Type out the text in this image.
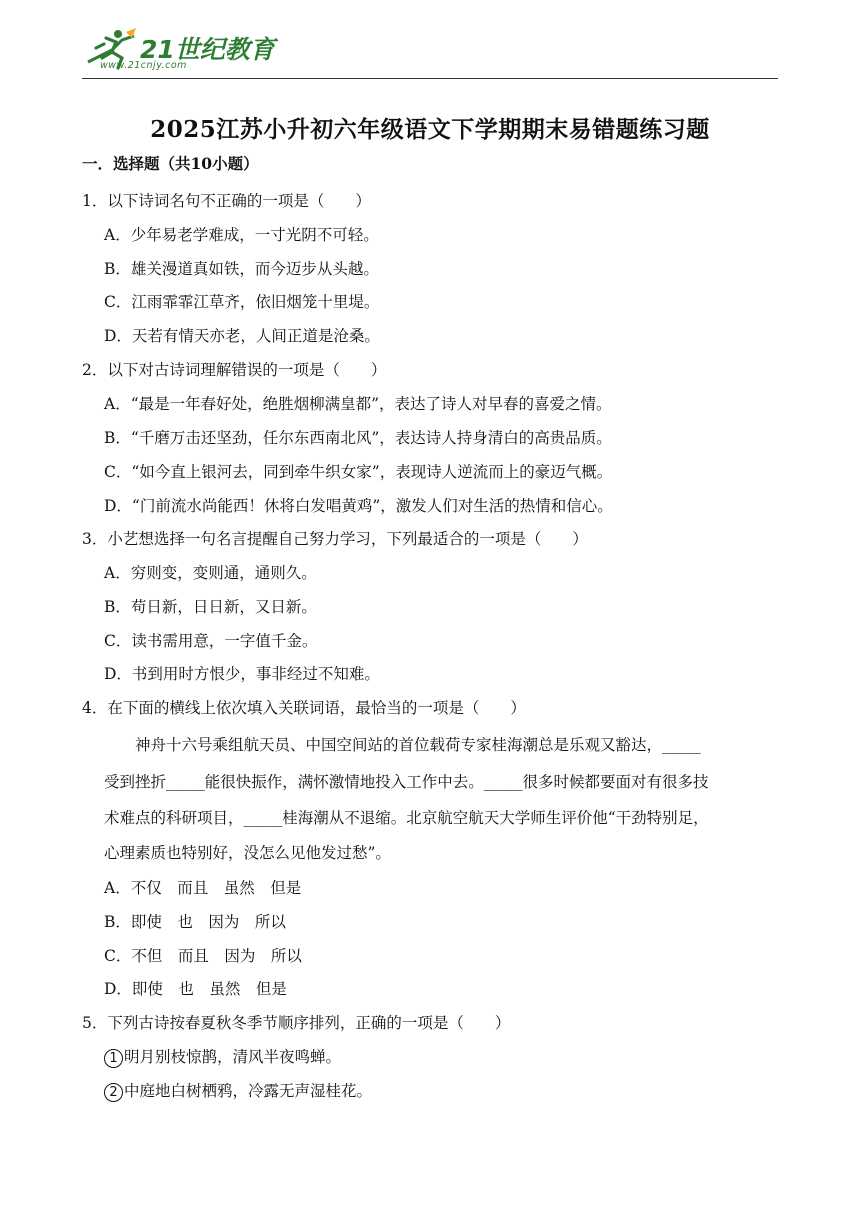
21世纪教育
www.21cnjy.com
2025江苏小升初六年级语文下学期期末易错题练习题
一．选择题（共10小题）
1．以下诗词名句不正确的一项是（　　）
A．少年易老学难成，一寸光阴不可轻。
B．雄关漫道真如铁，而今迈步从头越。
C．江雨霏霏江草齐，依旧烟笼十里堤。
D．天若有情天亦老，人间正道是沧桑。
2．以下对古诗词理解错误的一项是（　　）
A．“最是一年春好处，绝胜烟柳满皇都”，表达了诗人对早春的喜爱之情。
B．“千磨万击还坚劲，任尔东西南北风”，表达诗人持身清白的高贵品质。
C．“如今直上银河去，同到牵牛织女家”，表现诗人逆流而上的豪迈气概。
D．“门前流水尚能西！休将白发唱黄鸡”，激发人们对生活的热情和信心。
3．小艺想选择一句名言提醒自己努力学习，下列最适合的一项是（　　）
A．穷则变，变则通，通则久。
B．苟日新，日日新，又日新。
C．读书需用意，一字值千金。
D．书到用时方恨少，事非经过不知难。
4．在下面的横线上依次填入关联词语，最恰当的一项是（　　）
　　神舟十六号乘组航天员、中国空间站的首位载荷专家桂海潮总是乐观又豁达，_____
受到挫折_____能很快振作，满怀激情地投入工作中去。_____很多时候都要面对有很多技
术难点的科研项目，_____桂海潮从不退缩。北京航空航天大学师生评价他“干劲特别足，
心理素质也特别好，没怎么见他发过愁”。
A．不仅　而且　虽然　但是
B．即使　也　因为　所以
C．不但　而且　因为　所以
D．即使　也　虽然　但是
5．下列古诗按春夏秋冬季节顺序排列，正确的一项是（　　）
1 明月别枝惊鹊，清风半夜鸣蝉。
2 中庭地白树栖鸦，冷露无声湿桂花。
